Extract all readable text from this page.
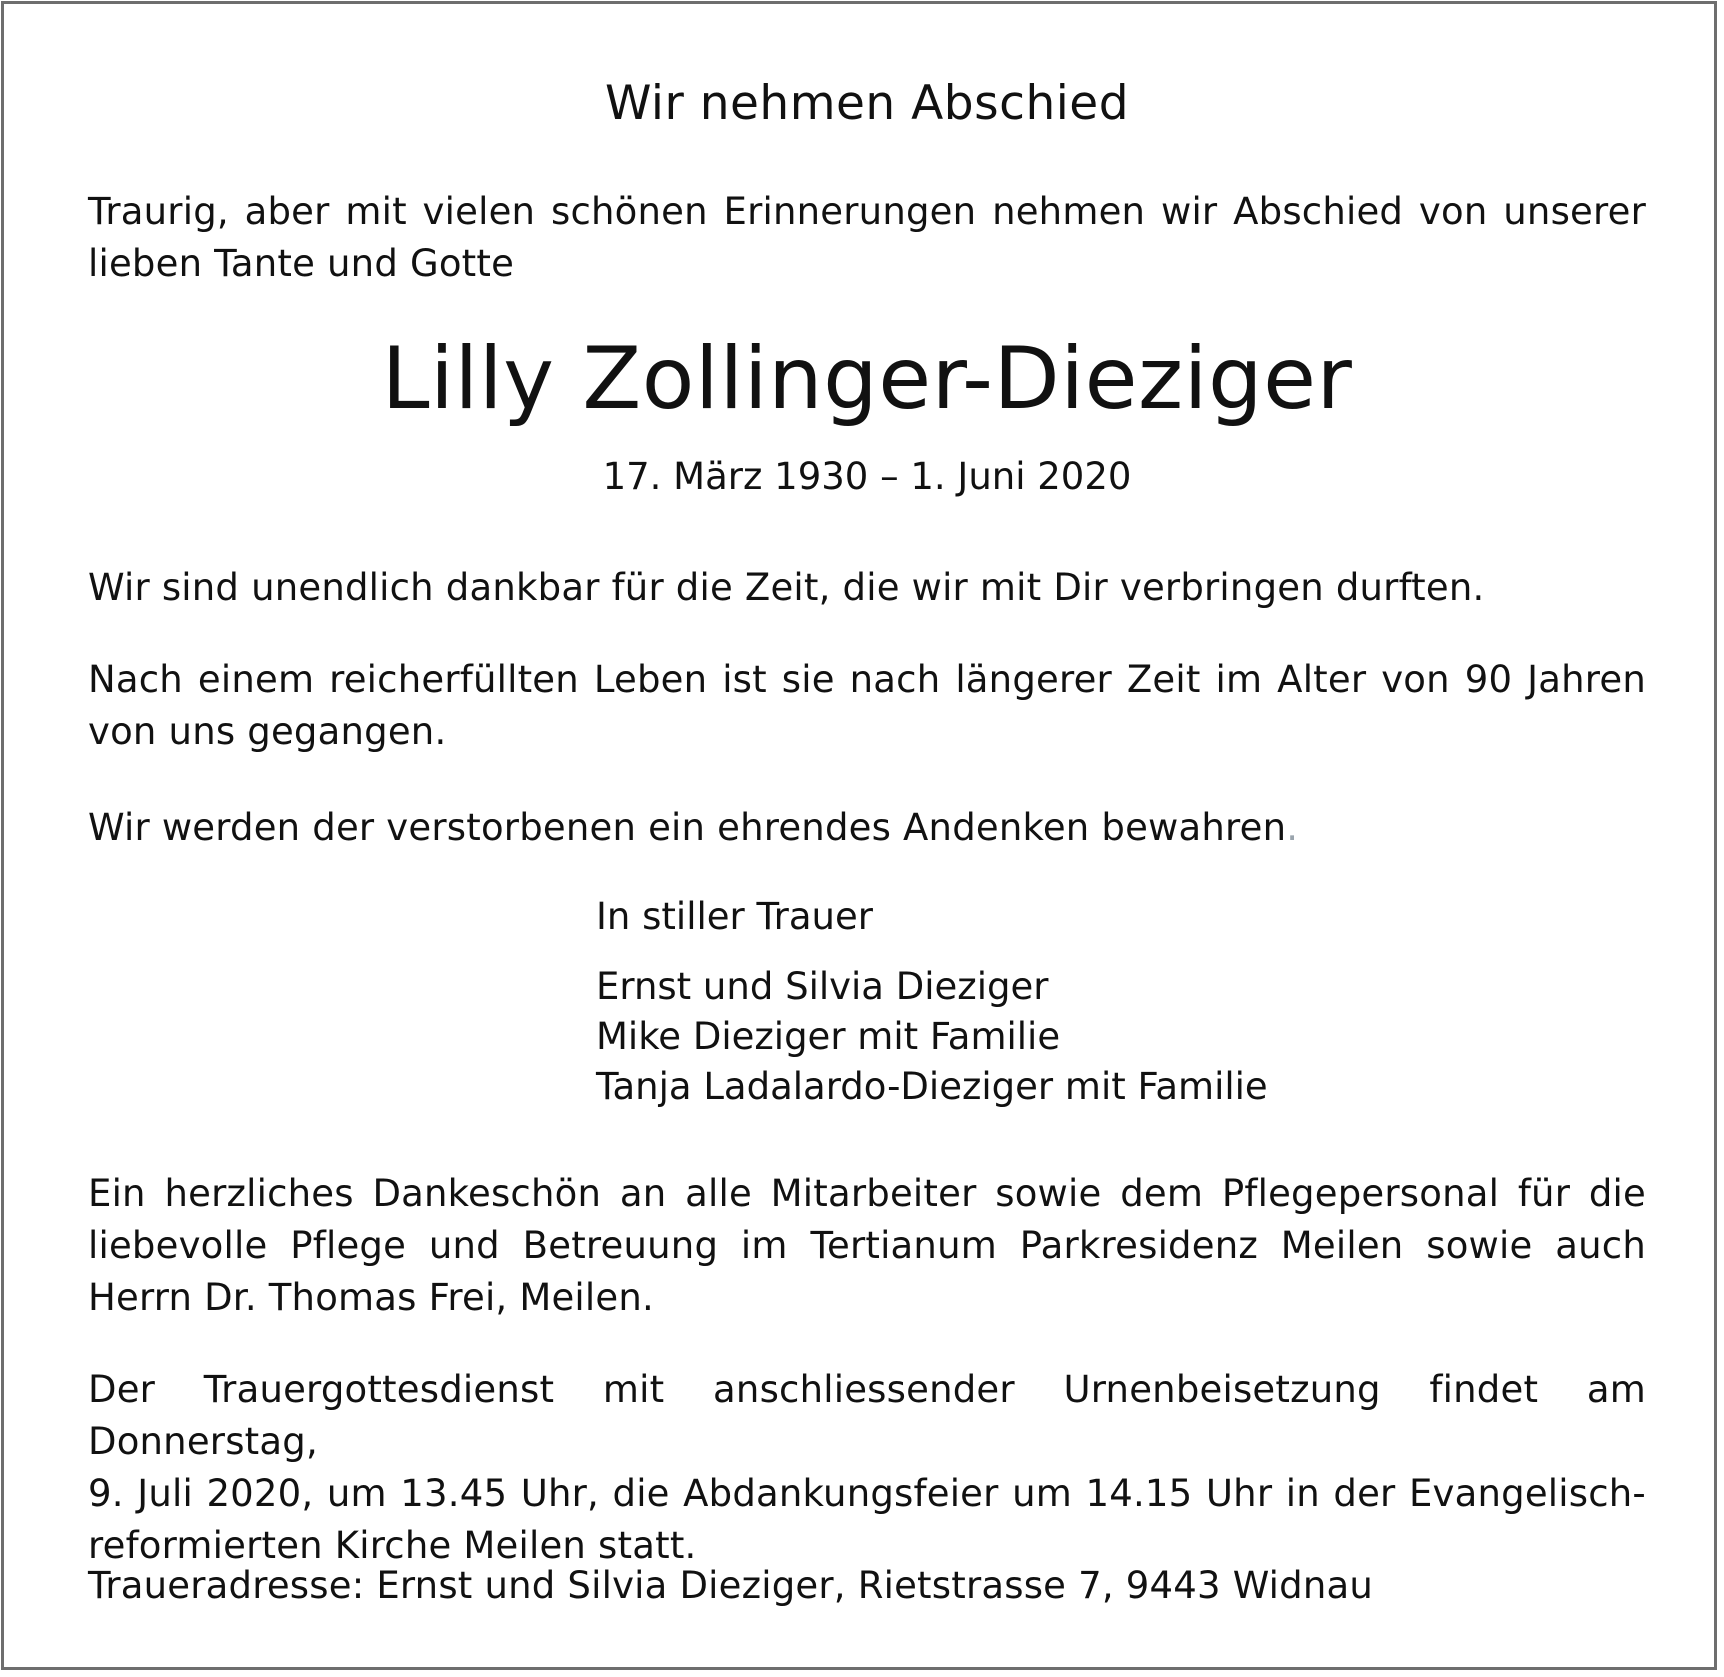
Wir nehmen Abschied
Traurig, aber mit vielen schönen Erinnerungen nehmen wir Abschied von unserer
lieben Tante und Gotte
Lilly Zollinger-Dieziger
17. März 1930 – 1. Juni 2020
Wir sind unendlich dankbar für die Zeit, die wir mit Dir verbringen durften.
Nach einem reicherfüllten Leben ist sie nach längerer Zeit im Alter von 90 Jahren
von uns gegangen.
Wir werden der verstorbenen ein ehrendes Andenken bewahren.
In stiller Trauer
Ernst und Silvia Dieziger
Mike Dieziger mit Familie
Tanja Ladalardo-Dieziger mit Familie
Ein herzliches Dankeschön an alle Mitarbeiter sowie dem Pflegepersonal für die
liebevolle Pflege und Betreuung im Tertianum Parkresidenz Meilen sowie auch
Herrn Dr. Thomas Frei, Meilen.
Der Trauergottesdienst mit anschliessender Urnenbeisetzung findet am Donnerstag,
9. Juli 2020, um 13.45 Uhr, die Abdankungsfeier um 14.15 Uhr in der Evangelisch-
reformierten Kirche Meilen statt.
Traueradresse: Ernst und Silvia Dieziger, Rietstrasse 7, 9443 Widnau
